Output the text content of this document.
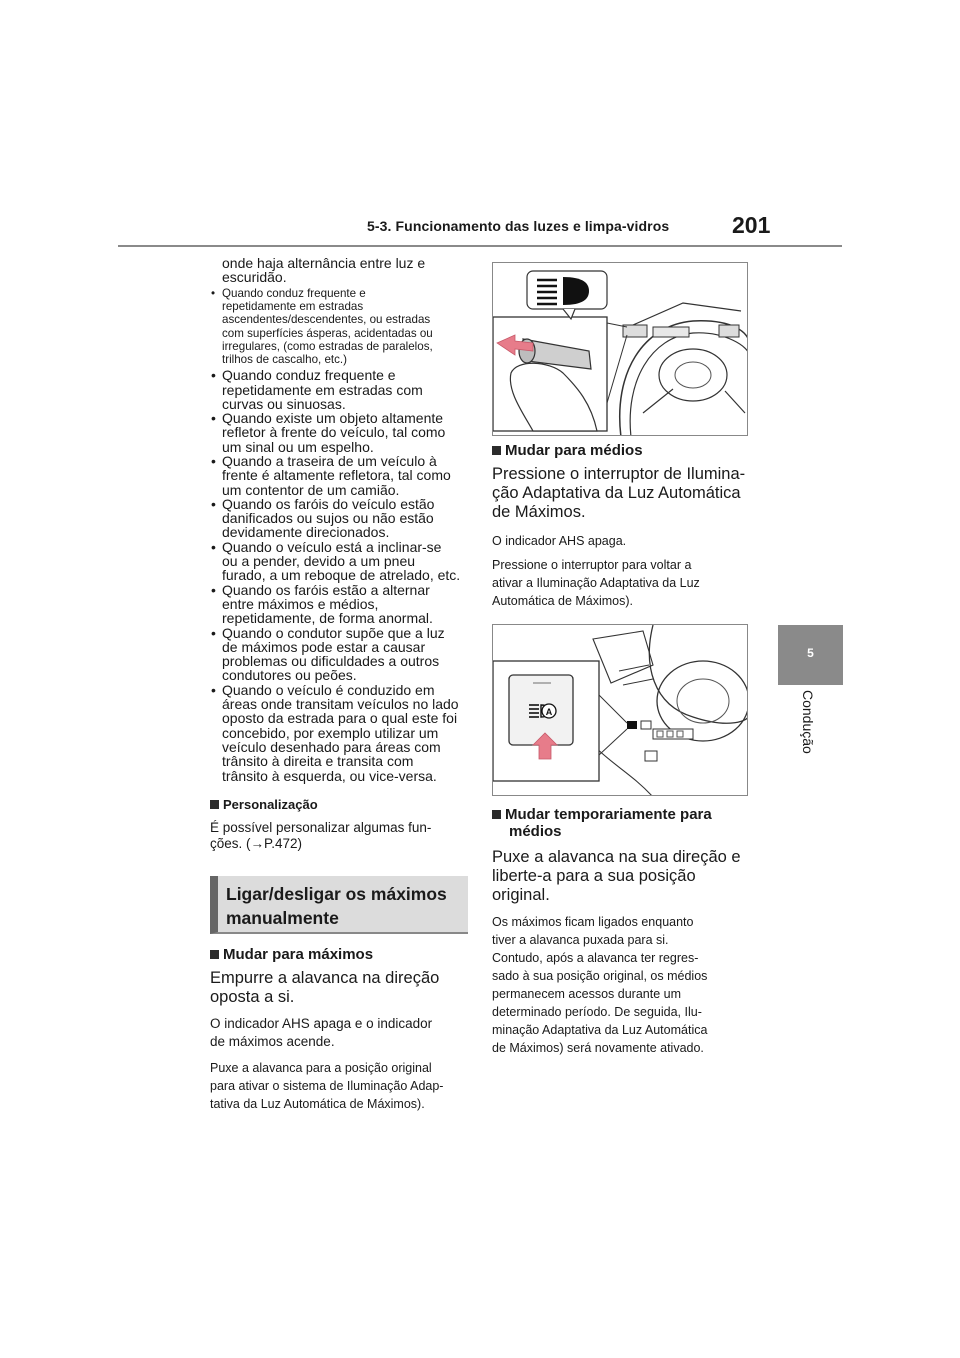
5-3. Funcionamento das luzes e limpa-vidros	201
5
Condução
onde haja alternância entre luz e
escuridão.
• Quando conduz frequente e
repetidamente em estradas
ascendentes/descendentes, ou estradas
com superfícies ásperas, acidentadas ou
irregulares, (como estradas de paralelos,
trilhos de cascalho, etc.)
• Quando conduz frequente e
repetidamente em estradas com
curvas ou sinuosas.
• Quando existe um objeto altamente
refletor à frente do veículo, tal como
um sinal ou um espelho.
• Quando a traseira de um veículo à
frente é altamente refletora, tal como
um contentor de um camião.
• Quando os faróis do veículo estão
danificados ou sujos ou não estão
devidamente direcionados.
• Quando o veículo está a inclinar-se
ou a pender, devido a um pneu
furado, a um reboque de atrelado, etc.
• Quando os faróis estão a alternar
entre máximos e médios,
repetidamente, de forma anormal.
• Quando o condutor supõe que a luz
de máximos pode estar a causar
problemas ou dificuldades a outros
condutores ou peões.
• Quando o veículo é conduzido em
áreas onde transitam veículos no lado
oposto da estrada para o qual este foi
concebido, por exemplo utilizar um
veículo desenhado para áreas com
trânsito à direita e transita com
trânsito à esquerda, ou vice-versa.
Personalização
É possível personalizar algumas fun-
ções. (→P.472)
Ligar/desligar os máximos
manualmente
Mudar para máximos
Empurre a alavanca na direção
oposta a si.
O indicador AHS apaga e o indicador
de máximos acende.
Puxe a alavanca para a posição original
para ativar o sistema de Iluminação Adap-
tativa da Luz Automática de Máximos).
Mudar para médios
Pressione o interruptor de Ilumina-
ção Adaptativa da Luz Automática
de Máximos.
O indicador AHS apaga.
Pressione o interruptor para voltar a
ativar a Iluminação Adaptativa da Luz
Automática de Máximos).
A
Mudar temporariamente para
médios
Puxe a alavanca na sua direção e
liberte-a para a sua posição original.
Os máximos ficam ligados enquanto
tiver a alavanca puxada para si.
Contudo, após a alavanca ter regres-
sado à sua posição original, os médios
permanecem acessos durante um
determinado período. De seguida, Ilu-
minação Adaptativa da Luz Automática
de Máximos) será novamente ativado.
